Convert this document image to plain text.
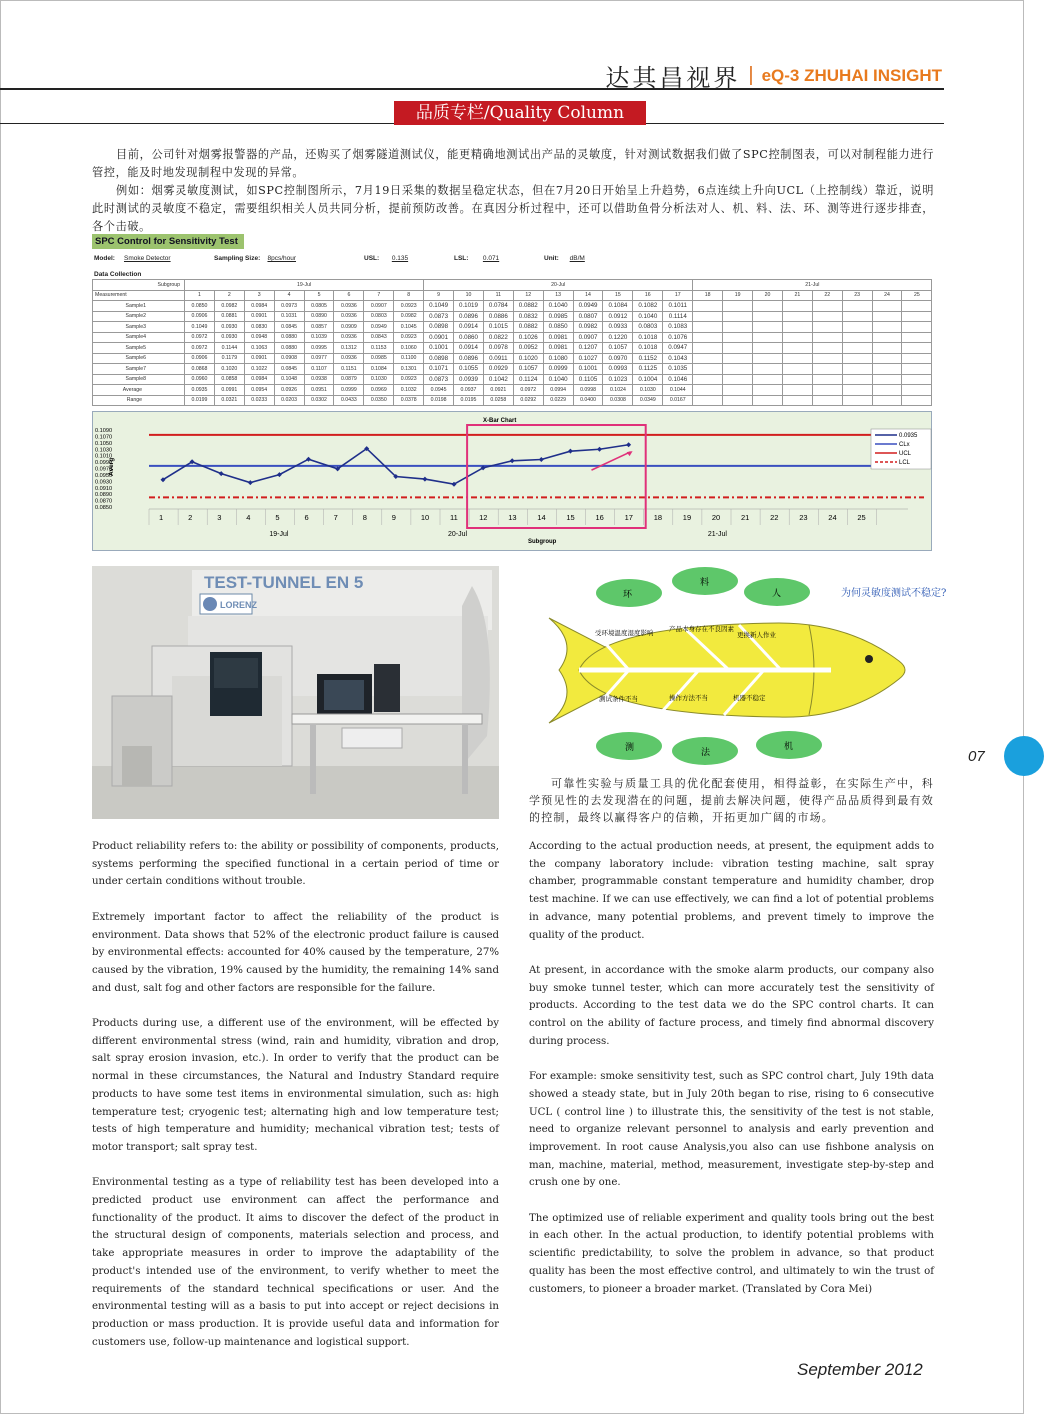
达其昌视界 | eQ-3 ZHUHAI INSIGHT
品质专栏/Quality Column
目前，公司针对烟雾报警器的产品，还购买了烟雾隧道测试仪，能更精确地测试出产品的灵敏度，针对测试数据我们做了SPC控制图表，可以对制程能力进行管控，能及时地发现制程中发现的异常。
例如：烟雾灵敏度测试，如SPC控制图所示，7月19日采集的数据呈稳定状态，但在7月20日开始呈上升趋势，6点连续上升向UCL（上控制线）靠近，说明此时测试的灵敏度不稳定，需要组织相关人员共同分析，提前预防改善。在真因分析过程中，还可以借助鱼骨分析法对人、机、料、法、环、测等进行逐步排查，各个击破。
SPC Control for Sensitivity Test
Model: Smoke Detector	Sampling Size: 8pcs/hour	USL: 0.135	LSL: 0.071	Unit: dB/M
Data Collection
Subgroup	19-Jul								20-Jul									21-Jul							
Measurement	1	2	3	4	5	6	7	8	9	10	11	12	13	14	15	16	17	18	19	20	21	22	23	24	25
Sample1	0.0850	0.0982	0.0984	0.0973	0.0805	0.0936	0.0907	0.0923	0.1049	0.1019	0.0784	0.0882	0.1040	0.0949	0.1084	0.1082	0.1011								
Sample2	0.0906	0.0881	0.0901	0.1031	0.0890	0.0936	0.0803	0.0982	0.0873	0.0896	0.0886	0.0832	0.0985	0.0807	0.0912	0.1040	0.1114								
Sample3	0.1049	0.0930	0.0830	0.0845	0.0857	0.0909	0.0949	0.1045	0.0898	0.0914	0.1015	0.0882	0.0850	0.0982	0.0933	0.0803	0.1083								
Sample4	0.0972	0.0930	0.0948	0.0880	0.1039	0.0936	0.0843	0.0923	0.0901	0.0860	0.0822	0.1026	0.0981	0.0907	0.1220	0.1018	0.1076								
Sample5	0.0972	0.1144	0.1063	0.0880	0.0995	0.1312	0.1153	0.1060	0.1001	0.0914	0.0978	0.0952	0.0981	0.1207	0.1057	0.1018	0.0947								
Sample6	0.0906	0.1179	0.0901	0.0908	0.0977	0.0936	0.0985	0.1100	0.0898	0.0896	0.0911	0.1020	0.1080	0.1027	0.0970	0.1152	0.1043								
Sample7	0.0868	0.1020	0.1022	0.0845	0.1107	0.1151	0.1084	0.1301	0.1071	0.1055	0.0929	0.1057	0.0999	0.1001	0.0993	0.1125	0.1035								
Sample8	0.0960	0.0858	0.0984	0.1048	0.0938	0.0879	0.1030	0.0923	0.0873	0.0939	0.1042	0.1124	0.1040	0.1105	0.1023	0.1004	0.1046								
Average	0.0935	0.0991	0.0954	0.0926	0.0951	0.0999	0.0969	0.1032	0.0945	0.0937	0.0921	0.0972	0.0994	0.0998	0.1024	0.1030	0.1044								
Range	0.0199	0.0321	0.0233	0.0203	0.0302	0.0433	0.0350	0.0378	0.0198	0.0195	0.0258	0.0292	0.0229	0.0400	0.0308	0.0349	0.0167								
0.1090
0.1070
0.1050
0.1030
0.1010
0.0990
0.0970
0.0950
0.0930
0.0910
0.0890
0.0870
0.0850
Averg
X-Bar Chart
1	2	3	4	5	6	7	8	9	10	11	12	13	14	15	16	17	18	19	20	21	22	23	24	25
19-Jul	20-Jul	21-Jul
Subgroup
0.0935
CLx
UCL
LCL
TEST-TUNNEL EN 5
LORENZ
环
料
人
测	法
机
受环境温度湿度影响 产品本身存在不良因素
更换新人作业
测试条件不当	操作方法不当	机器不稳定
为何灵敏度测试不稳定?
可靠性实验与质量工具的优化配套使用，相得益彰，在实际生产中，科学预见性的去发现潜在的问题，提前去解决问题，使得产品品质得到最有效的控制，最终以赢得客户的信赖，开拓更加广阔的市场。

Product reliability refers to: the ability or possibility of components, products, systems performing the specified functional in a certain period of time or under certain conditions without trouble.

Extremely important factor to affect the reliability of the product is environment. Data shows that 52% of the electronic product failure is caused by environmental effects: accounted for 40% caused by the temperature, 27% caused by the vibration, 19% caused by the humidity, the remaining 14% sand and dust, salt fog and other factors are responsible for the failure.

Products during use, a different use of the environment, will be effected by different environmental stress (wind, rain and humidity, vibration and drop, salt spray erosion invasion, etc.). In order to verify that the product can be normal in these circumstances, the Natural and Industry Standard require products to have some test items in environmental simulation, such as: high temperature test; cryogenic test; alternating high and low temperature test; tests of high temperature and humidity; mechanical vibration test; tests of motor transport; salt spray test.

Environmental testing as a type of reliability test has been developed into a predicted product use environment can affect the performance and functionality of the product. It aims to discover the defect of the product in the structural design of components, materials selection and process, and take appropriate measures in order to improve the adaptability of the product's intended use of the environment, to verify whether to meet the requirements of the standard technical specifications or user. And the environmental testing will as a basis to put into accept or reject decisions in production or mass production. It is provide useful data and information for customers use, follow-up maintenance and logistical support.

According to the actual production needs, at present, the equipment adds to the company laboratory include: vibration testing machine, salt spray chamber, programmable constant temperature and humidity chamber, drop test machine. If we can use effectively, we can find a lot of potential problems in advance, many potential problems, and prevent timely to improve the quality of the product.

At present, in accordance with the smoke alarm products, our company also buy smoke tunnel tester, which can more accurately test the sensitivity of products. According to the test data we do the SPC control charts. It can control on the ability of facture process, and timely find abnormal discovery during process.

For example: smoke sensitivity test, such as SPC control chart, July 19th data showed a steady state, but in July 20th began to rise, rising to 6 consecutive UCL ( control line ) to illustrate this, the sensitivity of the test is not stable, need to organize relevant personnel to analysis and early prevention and improvement. In root cause Analysis,you also can use fishbone analysis on man, machine, material, method, measurement, investigate step-by-step and crush one by one.

The optimized use of reliable experiment and quality tools bring out the best in each other. In the actual production, to identify potential problems with scientific predictability, to solve the problem in advance, so that product quality has been the most effective control, and ultimately to win the trust of customers, to pioneer a broader market. (Translated by Cora Mei)

07
September 2012
